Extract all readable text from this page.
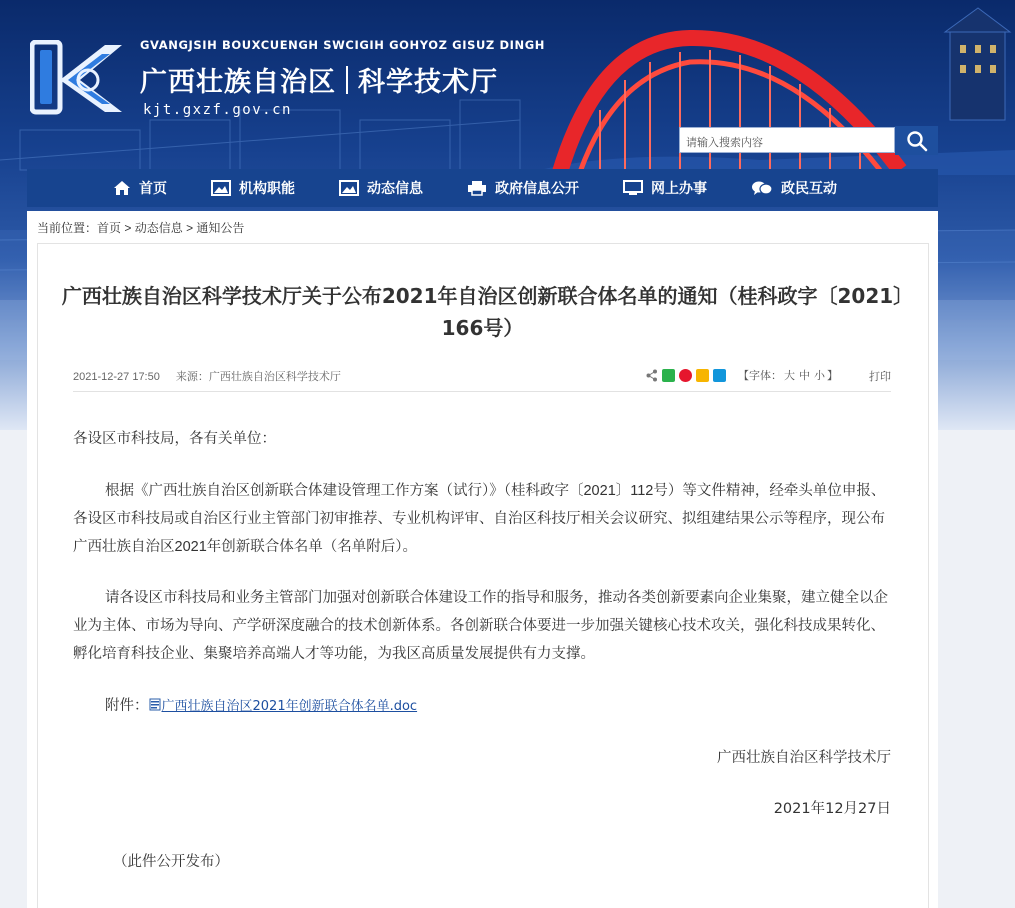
GVANGJSIH BOUXCUENGH SWCIGIH GOHYOZ GISUZ DINGH
广西壮族自治区 科学技术厅
kjt.gxzf.gov.cn
请输入搜索内容
首页	机构职能	动态信息	政府信息公开	网上办事	政民互动
当前位置：首页 > 动态信息 > 通知公告
广西壮族自治区科学技术厅关于公布2021年自治区创新联合体名单的通知（桂科政字〔2021〕166号）
2021-12-27 17:50 来源：广西壮族自治区科学技术厅	【字体： 大 中 小 】	打印
各设区市科技局，各有关单位：
根据《广西壮族自治区创新联合体建设管理工作方案（试行）》（桂科政字〔2021〕112号）等文件精神，经牵头单位申报、各设区市科技局或自治区行业主管部门初审推荐、专业机构评审、自治区科技厅相关会议研究、拟组建结果公示等程序，现公布广西壮族自治区2021年创新联合体名单（名单附后）。
请各设区市科技局和业务主管部门加强对创新联合体建设工作的指导和服务，推动各类创新要素向企业集聚，建立健全以企业为主体、市场为导向、产学研深度融合的技术创新体系。各创新联合体要进一步加强关键核心技术攻关，强化科技成果转化、孵化培育科技企业、集聚培养高端人才等功能，为我区高质量发展提供有力支撑。
附件： 广西壮族自治区2021年创新联合体名单.doc
广西壮族自治区科学技术厅
2021年12月27日
（此件公开发布）
